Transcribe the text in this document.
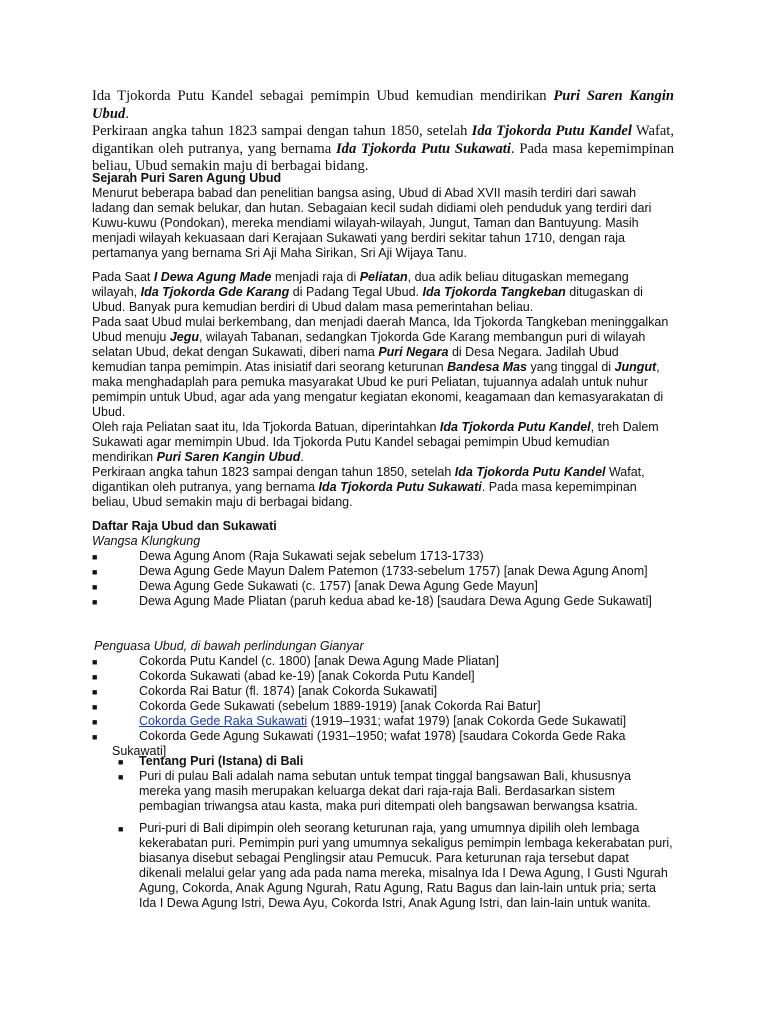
Ida Tjokorda Putu Kandel sebagai pemimpin Ubud kemudian mendirikan Puri Saren Kangin Ubud.

Perkiraan angka tahun 1823 sampai dengan tahun 1850, setelah Ida Tjokorda Putu Kandel Wafat, digantikan oleh putranya, yang bernama Ida Tjokorda Putu Sukawati. Pada masa kepemimpinan beliau, Ubud semakin maju di berbagai bidang.

Sejarah Puri Saren Agung Ubud

Menurut beberapa babad dan penelitian bangsa asing, Ubud di Abad XVII masih terdiri dari sawah ladang dan semak belukar, dan hutan. Sebagaian kecil sudah didiami oleh penduduk yang terdiri dari Kuwu-kuwu (Pondokan), mereka mendiami wilayah-wilayah, Jungut, Taman dan Bantuyung. Masih menjadi wilayah kekuasaan dari Kerajaan Sukawati yang berdiri sekitar tahun 1710, dengan raja pertamanya yang bernama Sri Aji Maha Sirikan, Sri Aji Wijaya Tanu.

Pada Saat I Dewa Agung Made menjadi raja di Peliatan, dua adik beliau ditugaskan memegang wilayah, Ida Tjokorda Gde Karang di Padang Tegal Ubud. Ida Tjokorda Tangkeban ditugaskan di Ubud. Banyak pura kemudian berdiri di Ubud dalam masa pemerintahan beliau.

Pada saat Ubud mulai berkembang, dan menjadi daerah Manca, Ida Tjokorda Tangkeban meninggalkan Ubud menuju Jegu, wilayah Tabanan, sedangkan Tjokorda Gde Karang membangun puri di wilayah selatan Ubud, dekat dengan Sukawati, diberi nama Puri Negara di Desa Negara. Jadilah Ubud kemudian tanpa pemimpin. Atas inisiatif dari seorang keturunan Bandesa Mas yang tinggal di Jungut, maka menghadaplah para pemuka masyarakat Ubud ke puri Peliatan, tujuannya adalah untuk nuhur pemimpin untuk Ubud, agar ada yang mengatur kegiatan ekonomi, keagamaan dan kemasyarakatan di Ubud.

Oleh raja Peliatan saat itu, Ida Tjokorda Batuan, diperintahkan Ida Tjokorda Putu Kandel, treh Dalem Sukawati agar memimpin Ubud. Ida Tjokorda Putu Kandel sebagai pemimpin Ubud kemudian mendirikan Puri Saren Kangin Ubud.

Perkiraan angka tahun 1823 sampai dengan tahun 1850, setelah Ida Tjokorda Putu Kandel Wafat, digantikan oleh putranya, yang bernama Ida Tjokorda Putu Sukawati. Pada masa kepemimpinan beliau, Ubud semakin maju di berbagai bidang.

Daftar Raja Ubud dan Sukawati

Wangsa Klungkung

■	Dewa Agung Anom (Raja Sukawati sejak sebelum 1713-1733)
■	Dewa Agung Gede Mayun Dalem Patemon (1733-sebelum 1757) [anak Dewa Agung Anom]
■	Dewa Agung Gede Sukawati (c. 1757) [anak Dewa Agung Gede Mayun]
■	Dewa Agung Made Pliatan (paruh kedua abad ke-18) [saudara Dewa Agung Gede Sukawati]

Penguasa Ubud, di bawah perlindungan Gianyar

■	Cokorda Putu Kandel (c. 1800) [anak Dewa Agung Made Pliatan]
■	Cokorda Sukawati (abad ke-19) [anak Cokorda Putu Kandel]
■	Cokorda Rai Batur (fl. 1874) [anak Cokorda Sukawati]
■	Cokorda Gede Sukawati (sebelum 1889-1919) [anak Cokorda Rai Batur]
■	Cokorda Gede Raka Sukawati (1919–1931; wafat 1979) [anak Cokorda Gede Sukawati]
■	Cokorda Gede Agung Sukawati (1931–1950; wafat 1978) [saudara Cokorda Gede Raka Sukawati]
■ Tentang Puri (Istana) di Bali
■ Puri di pulau Bali adalah nama sebutan untuk tempat tinggal bangsawan Bali, khususnya mereka yang masih merupakan keluarga dekat dari raja-raja Bali. Berdasarkan sistem pembagian triwangsa atau kasta, maka puri ditempati oleh bangsawan berwangsa ksatria.
■ Puri-puri di Bali dipimpin oleh seorang keturunan raja, yang umumnya dipilih oleh lembaga kekerabatan puri. Pemimpin puri yang umumnya sekaligus pemimpin lembaga kekerabatan puri, biasanya disebut sebagai Penglingsir atau Pemucuk. Para keturunan raja tersebut dapat dikenali melalui gelar yang ada pada nama mereka, misalnya Ida I Dewa Agung, I Gusti Ngurah Agung, Cokorda, Anak Agung Ngurah, Ratu Agung, Ratu Bagus dan lain-lain untuk pria; serta Ida I Dewa Agung Istri, Dewa Ayu, Cokorda Istri, Anak Agung Istri, dan lain-lain untuk wanita.
